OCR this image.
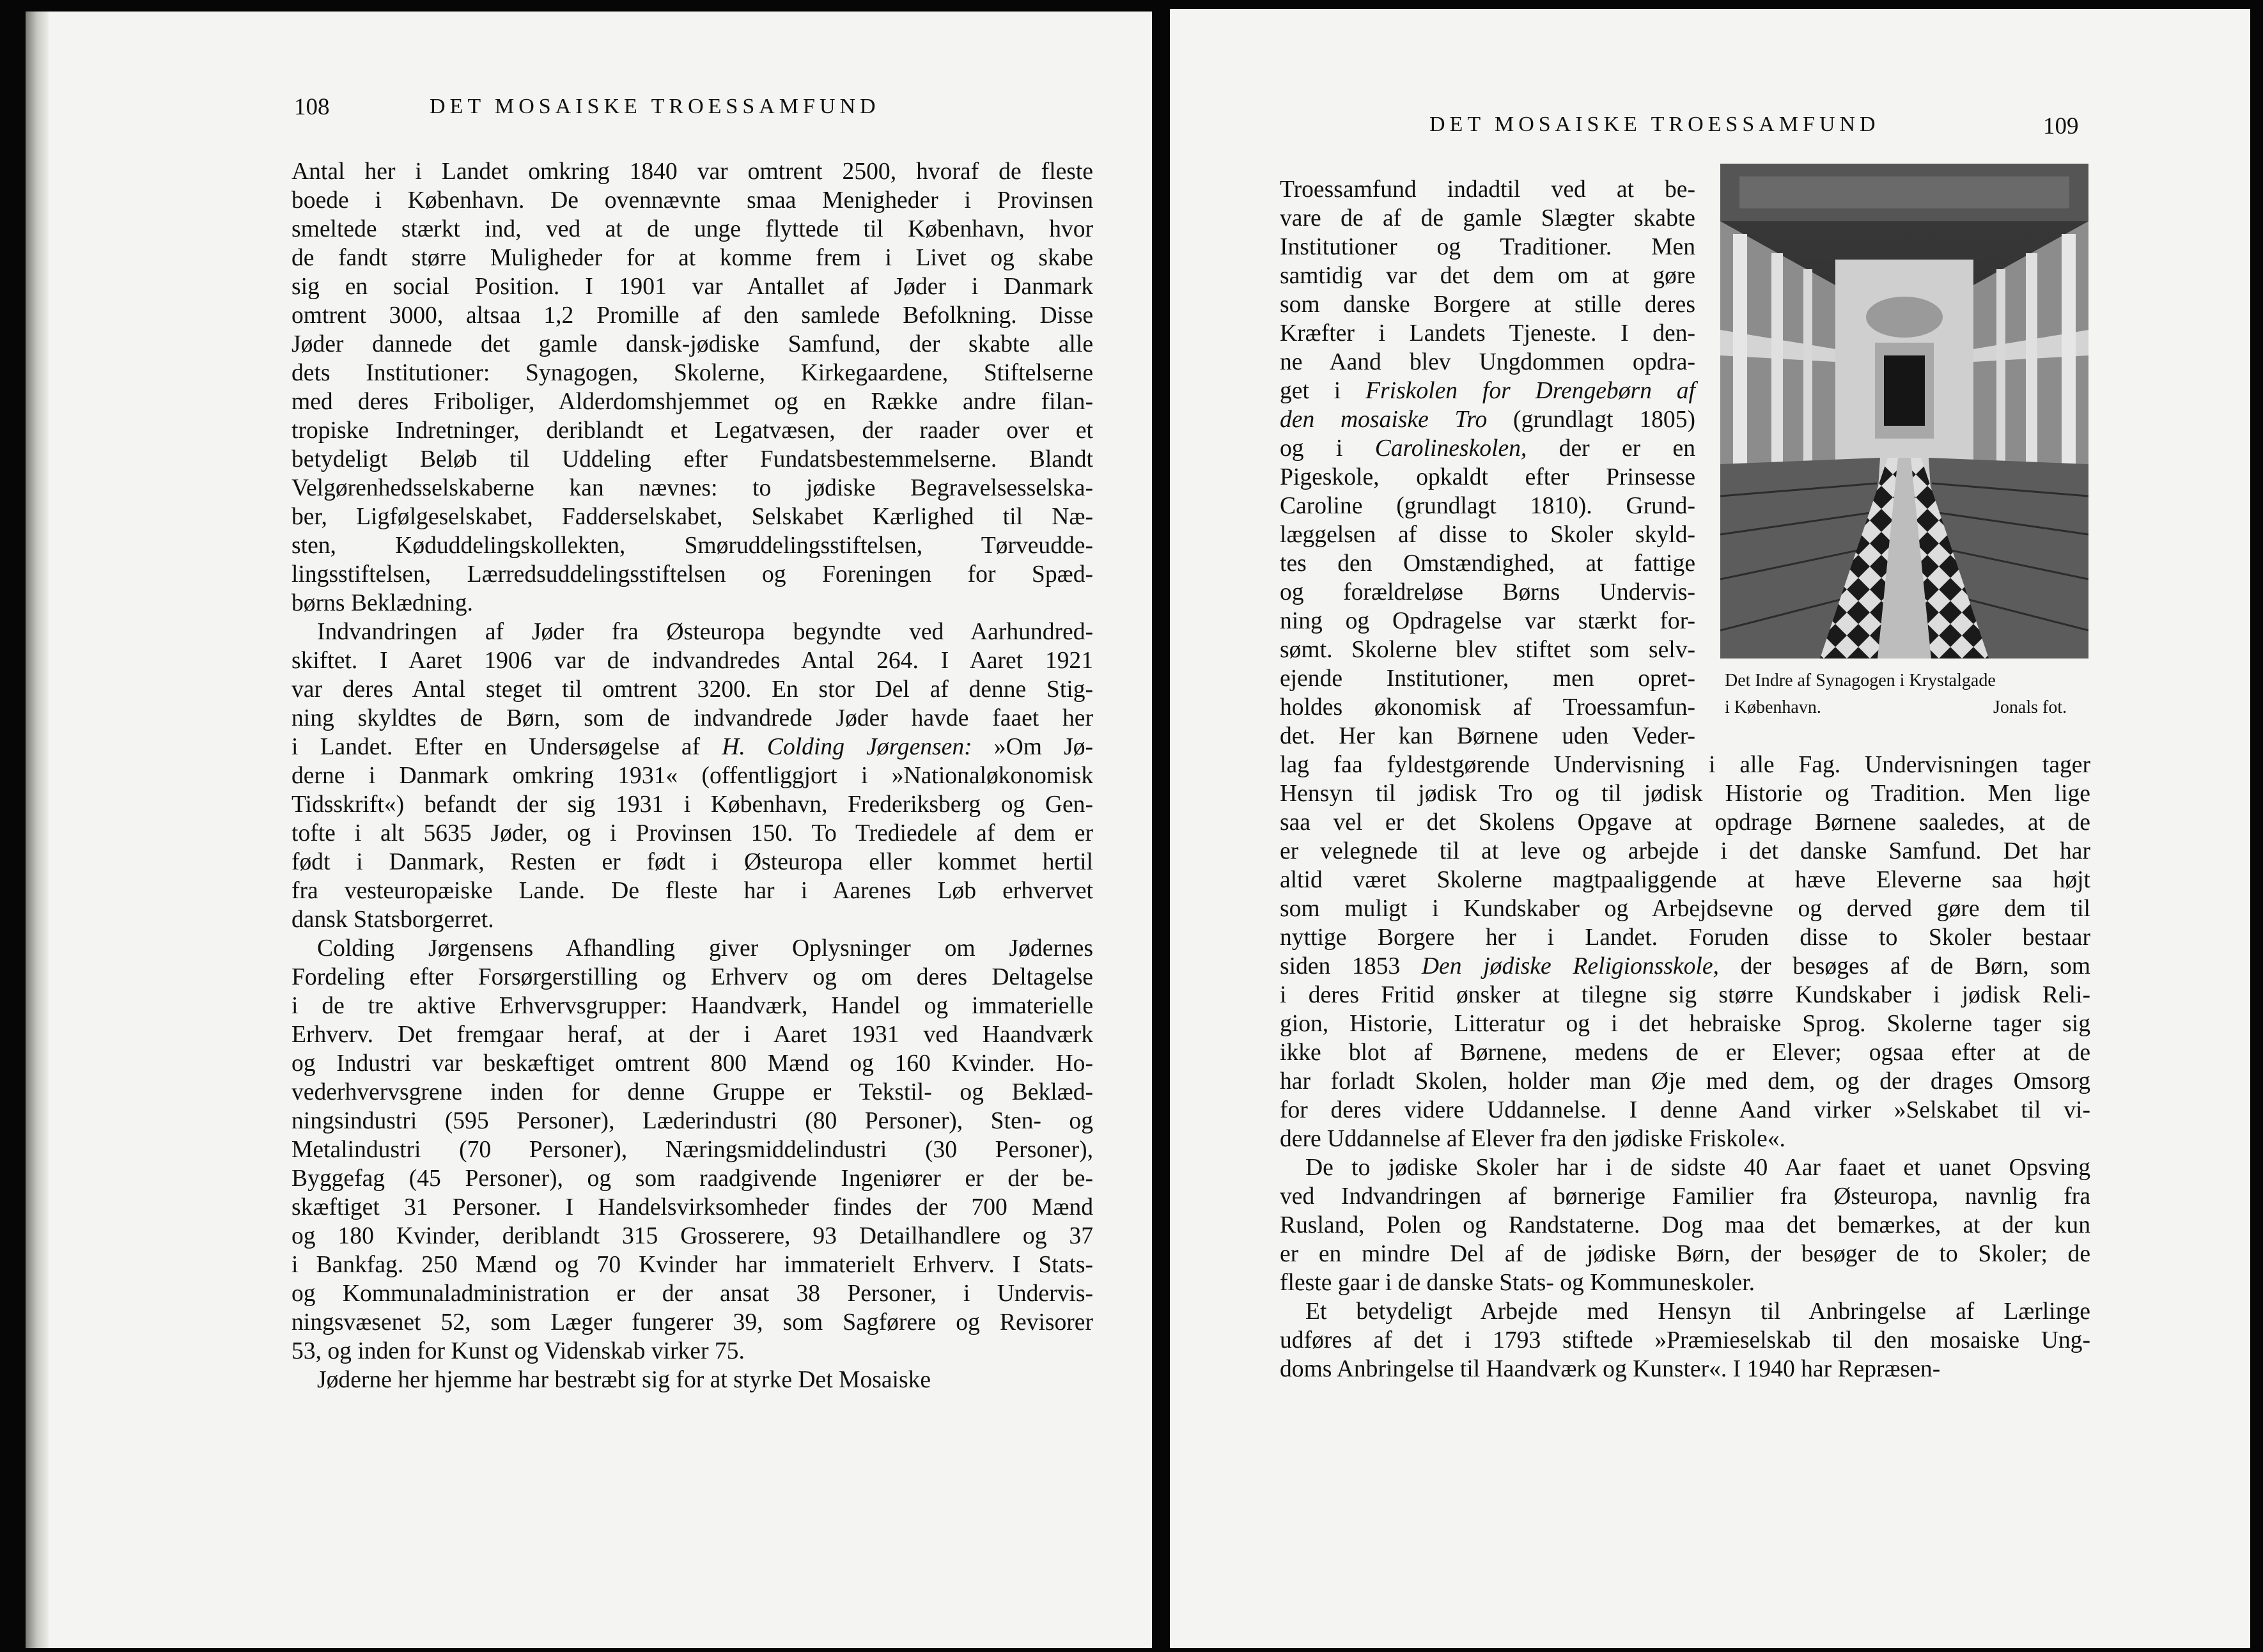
108	DET MOSAISKE TROESSAMFUND

Antal her i Landet omkring 1840 var omtrent 2500, hvoraf de fleste
boede i København. De ovennævnte smaa Menigheder i Provinsen
smeltede stærkt ind, ved at de unge flyttede til København, hvor
de fandt større Muligheder for at komme frem i Livet og skabe
sig en social Position. I 1901 var Antallet af Jøder i Danmark
omtrent 3000, altsaa 1,2 Promille af den samlede Befolkning. Disse
Jøder dannede det gamle dansk-jødiske Samfund, der skabte alle
dets Institutioner: Synagogen, Skolerne, Kirkegaardene, Stiftelserne
med deres Friboliger, Alderdomshjemmet og en Række andre filan-
tropiske Indretninger, deriblandt et Legatvæsen, der raader over et
betydeligt Beløb til Uddeling efter Fundatsbestemmelserne. Blandt
Velgørenhedsselskaberne kan nævnes: to jødiske Begravelsesselska-
ber, Ligfølgeselskabet, Fadderselskabet, Selskabet Kærlighed til Næ-
sten, Køduddelingskollekten, Smøruddelingsstiftelsen, Tørveudde-
lingsstiftelsen, Lærredsuddelingsstiftelsen og Foreningen for Spæd-
børns Beklædning.

Indvandringen af Jøder fra Østeuropa begyndte ved Aarhundred-
skiftet. I Aaret 1906 var de indvandredes Antal 264. I Aaret 1921
var deres Antal steget til omtrent 3200. En stor Del af denne Stig-
ning skyldtes de Børn, som de indvandrede Jøder havde faaet her
i Landet. Efter en Undersøgelse af H. Colding Jørgensen: »Om Jø-
derne i Danmark omkring 1931« (offentliggjort i »Nationaløkonomisk
Tidsskrift«) befandt der sig 1931 i København, Frederiksberg og Gen-
tofte i alt 5635 Jøder, og i Provinsen 150. To Trediedele af dem er
født i Danmark, Resten er født i Østeuropa eller kommet hertil
fra vesteuropæiske Lande. De fleste har i Aarenes Løb erhvervet
dansk Statsborgerret.

Colding Jørgensens Afhandling giver Oplysninger om Jødernes
Fordeling efter Forsørgerstilling og Erhverv og om deres Deltagelse
i de tre aktive Erhvervsgrupper: Haandværk, Handel og immaterielle
Erhverv. Det fremgaar heraf, at der i Aaret 1931 ved Haandværk
og Industri var beskæftiget omtrent 800 Mænd og 160 Kvinder. Ho-
vederhvervsgrene inden for denne Gruppe er Tekstil- og Beklæd-
ningsindustri (595 Personer), Læderindustri (80 Personer), Sten- og
Metalindustri (70 Personer), Næringsmiddelindustri (30 Personer),
Byggefag (45 Personer), og som raadgivende Ingeniører er der be-
skæftiget 31 Personer. I Handelsvirksomheder findes der 700 Mænd
og 180 Kvinder, deriblandt 315 Grosserere, 93 Detailhandlere og 37
i Bankfag. 250 Mænd og 70 Kvinder har immaterielt Erhverv. I Stats-
og Kommunaladministration er der ansat 38 Personer, i Undervis-
ningsvæsenet 52, som Læger fungerer 39, som Sagførere og Revisorer
53, og inden for Kunst og Videnskab virker 75.

Jøderne her hjemme har bestræbt sig for at styrke Det Mosaiske

DET MOSAISKE TROESSAMFUND	109

Troessamfund indadtil ved at be-
vare de af de gamle Slægter skabte
Institutioner og Traditioner. Men
samtidig var det dem om at gøre
som danske Borgere at stille deres
Kræfter i Landets Tjeneste. I den-
ne Aand blev Ungdommen opdra-
get i Friskolen for Drengebørn af
den mosaiske Tro (grundlagt 1805)
og i Carolineskolen, der er en
Pigeskole, opkaldt efter Prinsesse
Caroline (grundlagt 1810). Grund-
læggelsen af disse to Skoler skyld-
tes den Omstændighed, at fattige
og forældreløse Børns Undervis-
ning og Opdragelse var stærkt for-
sømt. Skolerne blev stiftet som selv-
ejende Institutioner, men opret-
holdes økonomisk af Troessamfun-
det. Her kan Børnene uden Veder-

Det Indre af Synagogen i Krystalgade
i København.	Jonals fot.

lag faa fyldestgørende Undervisning i alle Fag. Undervisningen tager
Hensyn til jødisk Tro og til jødisk Historie og Tradition. Men lige
saa vel er det Skolens Opgave at opdrage Børnene saaledes, at de
er velegnede til at leve og arbejde i det danske Samfund. Det har
altid været Skolerne magtpaaliggende at hæve Eleverne saa højt
som muligt i Kundskaber og Arbejdsevne og derved gøre dem til
nyttige Borgere her i Landet. Foruden disse to Skoler bestaar
siden 1853 Den jødiske Religionsskole, der besøges af de Børn, som
i deres Fritid ønsker at tilegne sig større Kundskaber i jødisk Reli-
gion, Historie, Litteratur og i det hebraiske Sprog. Skolerne tager sig
ikke blot af Børnene, medens de er Elever; ogsaa efter at de
har forladt Skolen, holder man Øje med dem, og der drages Omsorg
for deres videre Uddannelse. I denne Aand virker »Selskabet til vi-
dere Uddannelse af Elever fra den jødiske Friskole«.

De to jødiske Skoler har i de sidste 40 Aar faaet et uanet Opsving
ved Indvandringen af børnerige Familier fra Østeuropa, navnlig fra
Rusland, Polen og Randstaterne. Dog maa det bemærkes, at der kun
er en mindre Del af de jødiske Børn, der besøger de to Skoler; de
fleste gaar i de danske Stats- og Kommuneskoler.

Et betydeligt Arbejde med Hensyn til Anbringelse af Lærlinge
udføres af det i 1793 stiftede »Præmieselskab til den mosaiske Ung-
doms Anbringelse til Haandværk og Kunster«. I 1940 har Repræsen-
